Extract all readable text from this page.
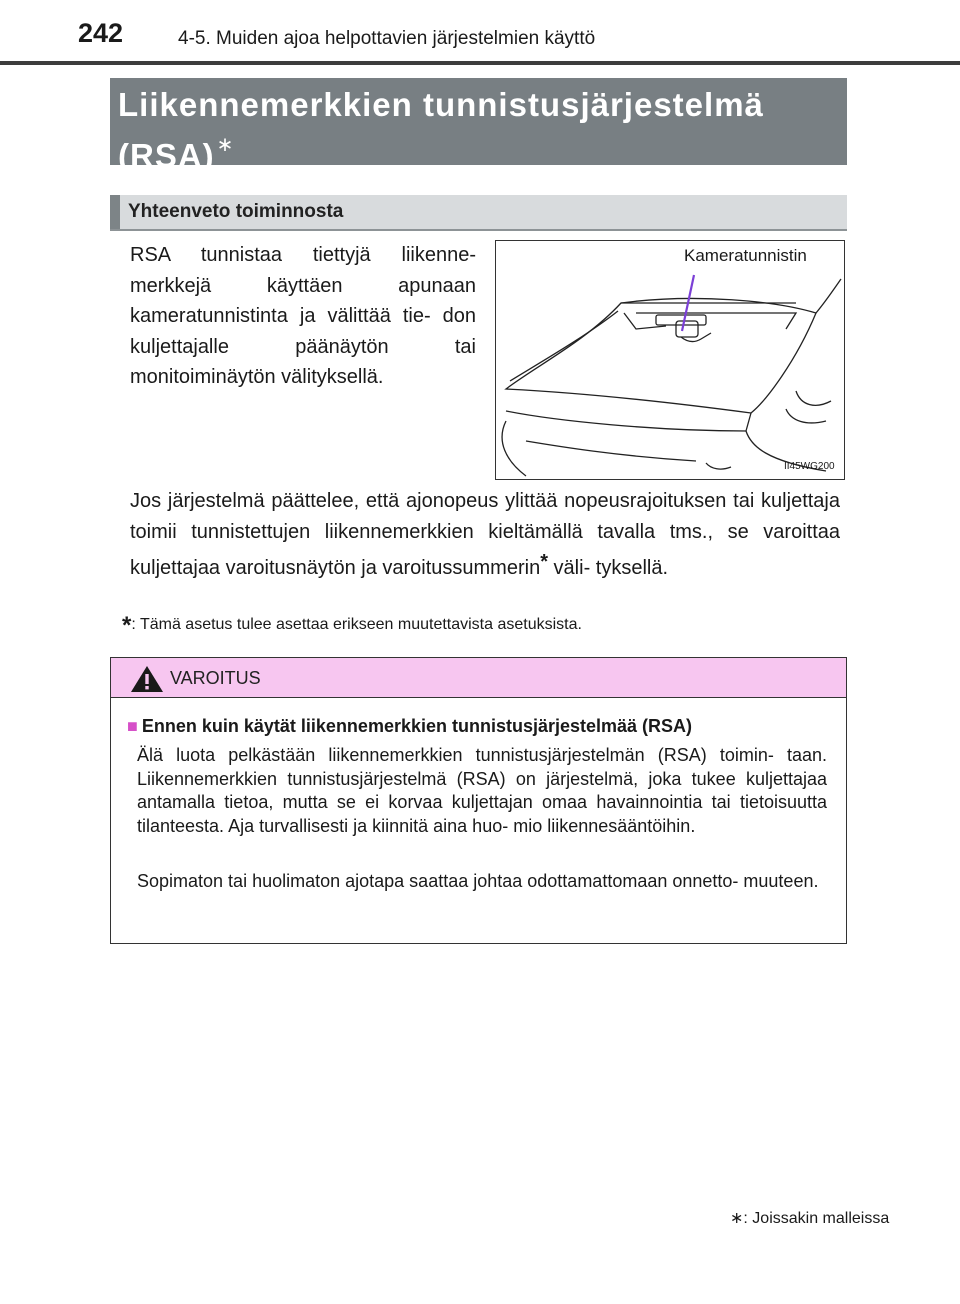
242	4-5. Muiden ajoa helpottavien järjestelmien käyttö
Liikennemerkkien tunnistusjärjestelmä
(RSA) ∗
Yhteenveto toiminnosta
RSA tunnistaa tiettyjä liikenne- merkkejä käyttäen apunaan kameratunnistinta ja välittää tie- don kuljettajalle päänäytön tai monitoiminäytön välityksellä.
Kameratunnistin
II45WG200
Jos järjestelmä päättelee, että ajonopeus ylittää nopeusrajoituksen tai kuljettaja toimii tunnistettujen liikennemerkkien kieltämällä tavalla tms., se varoittaa kuljettajaa varoitusnäytön ja varoitussummerin* väli- tyksellä.
*: Tämä asetus tulee asettaa erikseen muutettavista asetuksista.
VAROITUS
■ Ennen kuin käytät liikennemerkkien tunnistusjärjestelmää (RSA)
Älä luota pelkästään liikennemerkkien tunnistusjärjestelmän (RSA) toimin- taan. Liikennemerkkien tunnistusjärjestelmä (RSA) on järjestelmä, joka tukee kuljettajaa antamalla tietoa, mutta se ei korvaa kuljettajan omaa havainnointia tai tietoisuutta tilanteesta. Aja turvallisesti ja kiinnitä aina huo- mio liikennesääntöihin.
Sopimaton tai huolimaton ajotapa saattaa johtaa odottamattomaan onnetto- muuteen.
∗: Joissakin malleissa
